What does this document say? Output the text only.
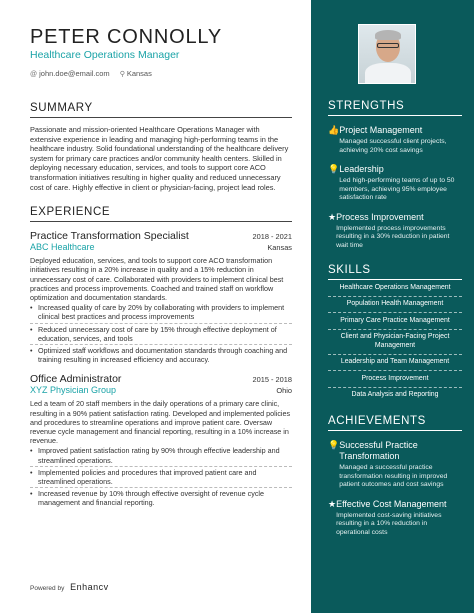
PETER CONNOLLY
Healthcare Operations Manager
@ john.doe@email.com ⚲ Kansas
SUMMARY
Passionate and mission-oriented Healthcare Operations Manager with extensive experience in leading and managing high-performing teams in the healthcare industry. Solid foundational understanding of the healthcare delivery system for primary care practices and/or community health centers. Skilled in deploying necessary education, services, and tools to support core ACO transformation initiatives resulting in higher quality and reduced unnecessary cost of care. Highly effective in client or physician-facing, project lead roles.
EXPERIENCE
Practice Transformation Specialist	2018 - 2021
ABC Healthcare	Kansas
Deployed education, services, and tools to support core ACO transformation initiatives resulting in a 20% increase in quality and a 15% reduction in unnecessary cost of care. Collaborated with providers to implement clinical best practices and process improvements. Coached and trained staff on workflow optimization and documentation standards.
• Increased quality of care by 20% by collaborating with providers to implement clinical best practices and process improvements
• Reduced unnecessary cost of care by 15% through effective deployment of education, services, and tools
• Optimized staff workflows and documentation standards through coaching and training resulting in increased efficiency and accuracy.
Office Administrator	2015 - 2018
XYZ Physician Group	Ohio
Led a team of 20 staff members in the daily operations of a primary care clinic, resulting in a 90% patient satisfaction rating. Developed and implemented policies and procedures to streamline operations and improve patient care. Oversaw revenue cycle management and financial reporting, resulting in a 10% increase in revenue.
• Improved patient satisfaction rating by 90% through effective leadership and streamlined operations.
• Implemented policies and procedures that improved patient care and streamlined operations.
• Increased revenue by 10% through effective oversight of revenue cycle management and financial reporting.
Powered by Enhancv
STRENGTHS
👍 Project Management
Managed successful client projects, achieving 20% cost savings
💡 Leadership
Led high-performing teams of up to 50 members, achieving 95% employee satisfaction rate
★ Process Improvement
Implemented process improvements resulting in a 30% reduction in patient wait time
SKILLS
Healthcare Operations Management
Population Health Management
Primary Care Practice Management
Client and Physician-Facing Project Management
Leadership and Team Management
Process Improvement
Data Analysis and Reporting
ACHIEVEMENTS
💡 Successful Practice Transformation
Managed a successful practice transformation resulting in improved patient outcomes and cost savings
★ Effective Cost Management
Implemented cost-saving initiatives resulting in a 10% reduction in operational costs
